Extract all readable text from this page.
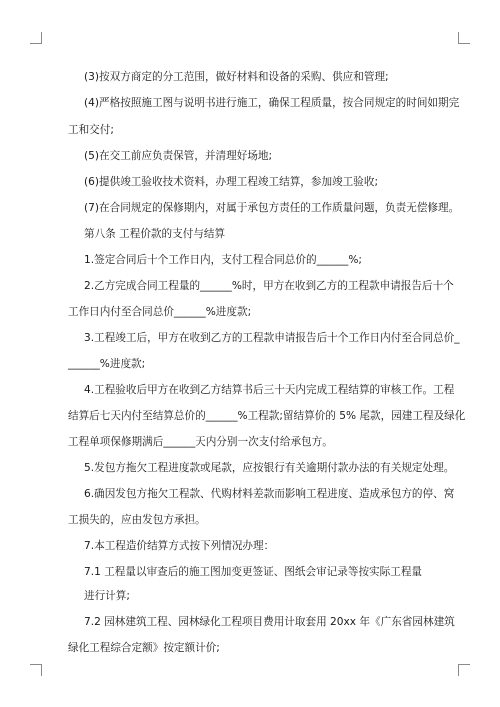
(3)按双方商定的分工范围，做好材料和设备的采购、供应和管理;

(4)严格按照施工图与说明书进行施工，确保工程质量，按合同规定的时间如期完

工和交付;

(5)在交工前应负责保管，并清理好场地;

(6)提供竣工验收技术资料，办理工程竣工结算，参加竣工验收;

(7)在合同规定的保修期内，对属于承包方责任的工作质量问题，负责无偿修理。

第八条 工程价款的支付与结算

1.签定合同后十个工作日内，支付工程合同总价的______%;

2.乙方完成合同工程量的______%时，甲方在收到乙方的工程款申请报告后十个

工作日内付至合同总价______%进度款;

3.工程竣工后，甲方在收到乙方的工程款申请报告后十个工作日内付至合同总价_

______%进度款;

4.工程验收后甲方在收到乙方结算书后三十天内完成工程结算的审核工作。工程

结算后七天内付至结算总价的______%工程款;留结算价的 5% 尾款，园建工程及绿化

工程单项保修期满后______天内分别一次支付给承包方。

5.发包方拖欠工程进度款或尾款，应按银行有关逾期付款办法的有关规定处理。

6.确因发包方拖欠工程款、代购材料差款而影响工程进度、造成承包方的停、窝

工损失的，应由发包方承担。

7.本工程造价结算方式按下列情况办理：

7.1 工程量以审查后的施工图加变更签证、图纸会审记录等按实际工程量

进行计算;

7.2 园林建筑工程、园林绿化工程项目费用计取套用 20xx 年《广东省园林建筑

绿化工程综合定额》按定额计价;
